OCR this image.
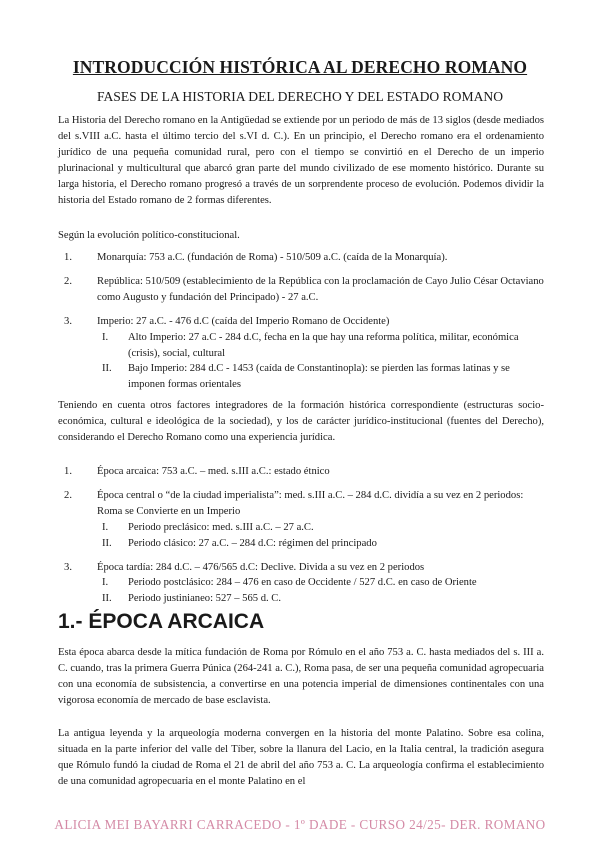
INTRODUCCIÓN HISTÓRICA AL DERECHO ROMANO
FASES DE LA HISTORIA DEL DERECHO Y DEL ESTADO ROMANO

La Historia del Derecho romano en la Antigüedad se extiende por un periodo de más de 13 siglos (desde mediados del s.VIII a.C. hasta el último tercio del s.VI d. C.). En un principio, el Derecho romano era el ordenamiento jurídico de una pequeña comunidad rural, pero con el tiempo se convirtió en el Derecho de un imperio plurinacional y multicultural que abarcó gran parte del mundo civilizado de ese momento histórico. Durante su larga historia, el Derecho romano progresó a través de un sorprendente proceso de evolución. Podemos dividir la historia del Estado romano de 2 formas diferentes.

Según la evolución político-constitucional.

1.	Monarquía: 753 a.C. (fundación de Roma) - 510/509 a.C. (caída de la Monarquía).
2.	República: 510/509 (establecimiento de la República con la proclamación de Cayo Julio César Octaviano como Augusto y fundación del Principado) - 27 a.C.
3.	Imperio: 27 a.C. - 476 d.C (caída del Imperio Romano de Occidente)
I. Alto Imperio: 27 a.C - 284 d.C, fecha en la que hay una reforma política, militar, económica (crisis), social, cultural
II. Bajo Imperio: 284 d.C - 1453 (caída de Constantinopla): se pierden las formas latinas y se imponen formas orientales

Teniendo en cuenta otros factores integradores de la formación histórica correspondiente (estructuras socio-económica, cultural e ideológica de la sociedad), y los de carácter jurídico-institucional (fuentes del Derecho), considerando el Derecho Romano como una experiencia jurídica.

1.	Época arcaica: 753 a.C. – med. s.III a.C.: estado étnico
2.	Época central o “de la ciudad imperialista”: med. s.III a.C. – 284 d.C. dividía a su vez en 2 periodos: Roma se Convierte en un Imperio
I. Periodo preclásico: med. s.III a.C. – 27 a.C.
II. Periodo clásico: 27 a.C. – 284 d.C: régimen del principado
3.	Época tardía: 284 d.C. – 476/565 d.C: Declive. Divida a su vez en 2 periodos
I. Periodo postclásico: 284 – 476 en caso de Occidente / 527 d.C. en caso de Oriente
II. Periodo justinianeo: 527 – 565 d. C.
1.- ÉPOCA ARCAICA

Esta época abarca desde la mítica fundación de Roma por Rómulo en el año 753 a. C. hasta mediados del s. III a. C. cuando, tras la primera Guerra Púnica (264-241 a. C.), Roma pasa, de ser una pequeña comunidad agropecuaria con una economía de subsistencia, a convertirse en una potencia imperial de dimensiones continentales con una vigorosa economía de mercado de base esclavista.

La antigua leyenda y la arqueología moderna convergen en la historia del monte Palatino. Sobre esa colina, situada en la parte inferior del valle del Tíber, sobre la llanura del Lacio, en la Italia central, la tradición asegura que Rómulo fundó la ciudad de Roma el 21 de abril del año 753 a. C. La arqueología confirma el establecimiento de una comunidad agropecuaria en el monte Palatino en el

ALICIA MEI BAYARRI CARRACEDO - 1º DADE - CURSO 24/25- DER. ROMANO
